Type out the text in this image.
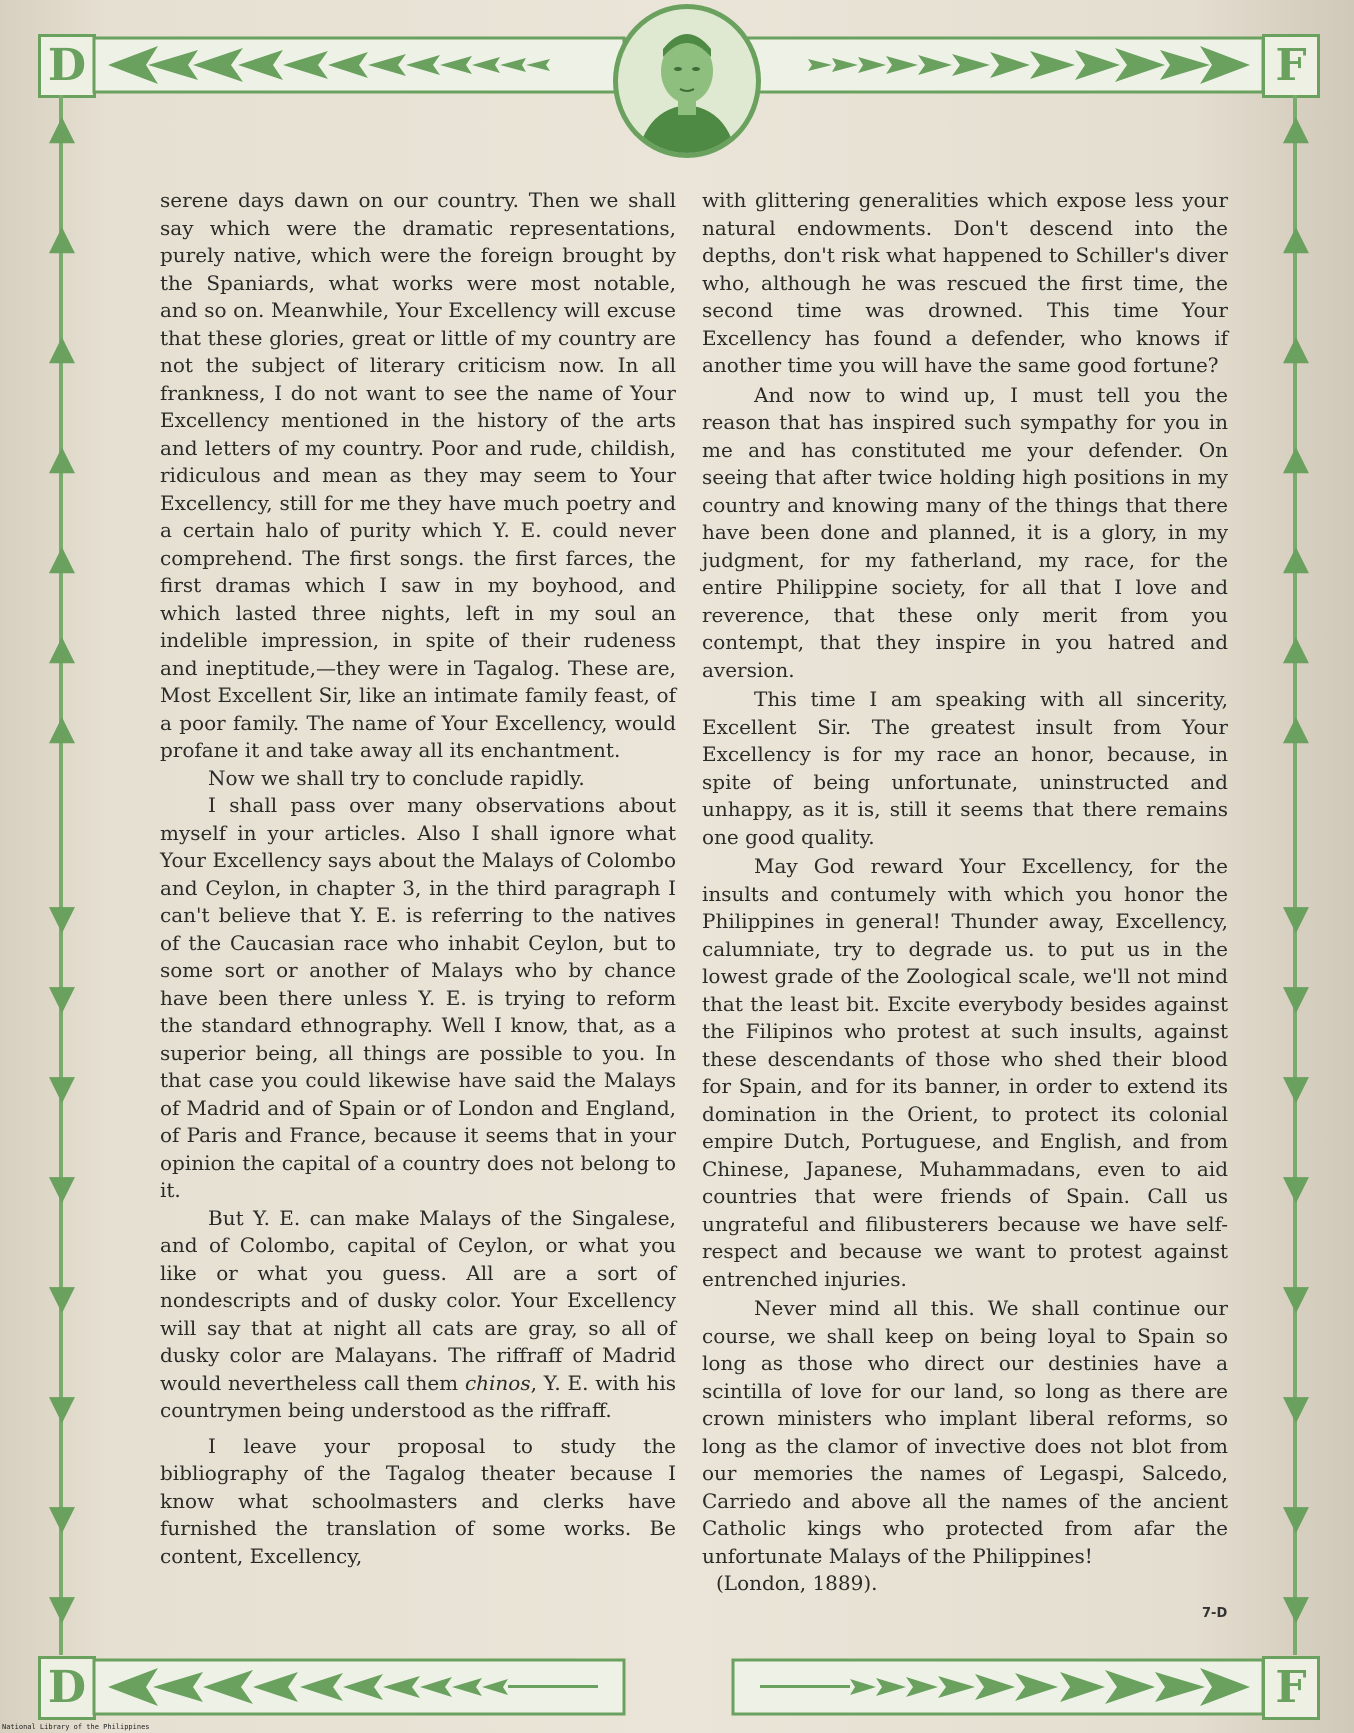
D	F
▲
▲
▲
▲
▲
▲
▲
▼
▼
▼
▼
▼
▼
▼
▼
▲
▲
▲
▲
▲
▲
▲
▼
▼
▼
▼
▼
▼
▼
▼

serene days dawn on our country. Then we shall say which were the dramatic representations, purely native, which were the foreign brought by the Spaniards, what works were most notable, and so on. Meanwhile, Your Excellency will excuse that these glories, great or little of my country are not the subject of literary criticism now. In all frankness, I do not want to see the name of Your Excellency mentioned in the history of the arts and letters of my country. Poor and rude, childish, ridiculous and mean as they may seem to Your Excellency, still for me they have much poetry and a certain halo of purity which Y. E. could never comprehend. The first songs. the first farces, the first dramas which I saw in my boyhood, and which lasted three nights, left in my soul an indelible impression, in spite of their rudeness and ineptitude,—they were in Tagalog. These are, Most Excellent Sir, like an intimate family feast, of a poor family. The name of Your Excellency, would profane it and take away all its enchantment.

Now we shall try to conclude rapidly.

I shall pass over many observations about myself in your articles. Also I shall ignore what Your Excellency says about the Malays of Colombo and Ceylon, in chapter 3, in the third paragraph I can't believe that Y. E. is referring to the natives of the Caucasian race who inhabit Ceylon, but to some sort or another of Malays who by chance have been there unless Y. E. is trying to reform the standard ethnography. Well I know, that, as a superior being, all things are possible to you. In that case you could likewise have said the Malays of Madrid and of Spain or of London and England, of Paris and France, because it seems that in your opinion the capital of a country does not belong to it.

But Y. E. can make Malays of the Singalese, and of Colombo, capital of Ceylon, or what you like or what you guess. All are a sort of nondescripts and of dusky color. Your Excellency will say that at night all cats are gray, so all of dusky color are Malayans. The riffraff of Madrid would nevertheless call them chinos, Y. E. with his countrymen being understood as the riffraff.

I leave your proposal to study the bibliography of the Tagalog theater because I know what schoolmasters and clerks have furnished the translation of some works. Be content, Excellency,

with glittering generalities which expose less your natural endowments. Don't descend into the depths, don't risk what happened to Schiller's diver who, although he was rescued the first time, the second time was drowned. This time Your Excellency has found a defender, who knows if another time you will have the same good fortune?

And now to wind up, I must tell you the reason that has inspired such sympathy for you in me and has constituted me your defender. On seeing that after twice holding high positions in my country and knowing many of the things that there have been done and planned, it is a glory, in my judgment, for my fatherland, my race, for the entire Philippine society, for all that I love and reverence, that these only merit from you contempt, that they inspire in you hatred and aversion.

This time I am speaking with all sincerity, Excellent Sir. The greatest insult from Your Excellency is for my race an honor, because, in spite of being unfortunate, uninstructed and unhappy, as it is, still it seems that there remains one good quality.

May God reward Your Excellency, for the insults and contumely with which you honor the Philippines in general! Thunder away, Excellency, calumniate, try to degrade us. to put us in the lowest grade of the Zoological scale, we'll not mind that the least bit. Excite everybody besides against the Filipinos who protest at such insults, against these descendants of those who shed their blood for Spain, and for its banner, in order to extend its domination in the Orient, to protect its colonial empire Dutch, Portuguese, and English, and from Chinese, Japanese, Muhammadans, even to aid countries that were friends of Spain. Call us ungrateful and filibusterers because we have self-respect and because we want to protest against entrenched injuries.

Never mind all this. We shall continue our course, we shall keep on being loyal to Spain so long as those who direct our destinies have a scintilla of love for our land, so long as there are crown ministers who implant liberal reforms, so long as the clamor of invective does not blot from our memories the names of Legaspi, Salcedo, Carriedo and above all the names of the ancient Catholic kings who protected from afar the unfortunate Malays of the Philippines!

(London, 1889).

7-D
D	F
National Library of the Philippines
